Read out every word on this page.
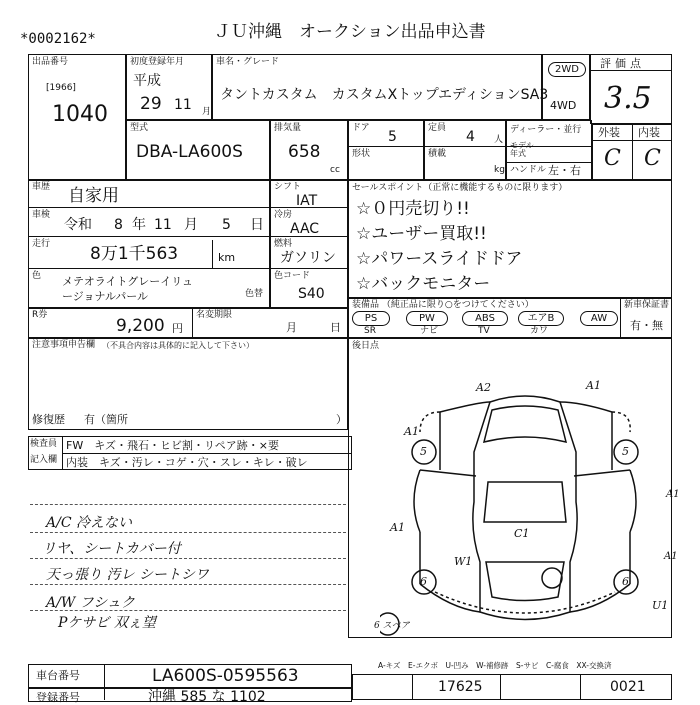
*0002162*	ＪＵ沖縄　オークション出品申込書
出品番号
[1966]
1040
初度登録年月
平成
29 11 月
車名・グレード
タントカスタム　カスタムXトップエディションSA3
2WD
4WD
評価点
3.5
型式
DBA-LA600S
排気量
658
cc
ドア
5
形状
定員
4 人
積載
kg
ディーラー・並行
モデル
年式
ハンドル 左・右
外装 内装
C C
車歴 自家用
車検
令和 8 年 11 月 5 日
走行 8万1千563	km
色 メテオライトグレーイリュ
ージョナルパール	色替
シフト
IAT
冷房
AAC
燃料
ガソリン
色コード
S40
セールスポイント（正常に機能するものに限ります）
☆０円売切り!!
☆ユーザー買取!!
☆パワースライドドア
☆バックモニター
R券
9,200 円
名変期限
月	日
装備品 （純正品に限り○をつけてください）
PS	PW	ABS	エアB	AW
SR	ナビ	TV	カワ
新車保証書
有・無
注意事項申告欄 （不具合内容は具体的に記入して下さい）
修復歴 有（箇所	）
後日点
検査員
記入欄
FW　キズ・飛石・ヒビ割・リペア跡・×要
内装　キズ・汚レ・コゲ・穴・スレ・キレ・破レ
A/C 冷えない
リヤ、シートカバー付
天っ張り 汚レ シートシワ
A/W フシュク
Pケサビ 双ぇ望
A2	A1
A1
A1
A1	C1
W1
U1
A1
5	5
6	6
6 スペア
A-キズ　E-エクボ　U-凹み　W-補修跡　S-サビ　C-腐食　XX-交換済
車台番号	LA600S-0595563
登録番号	沖縄 585 な 1102
17625	0021
